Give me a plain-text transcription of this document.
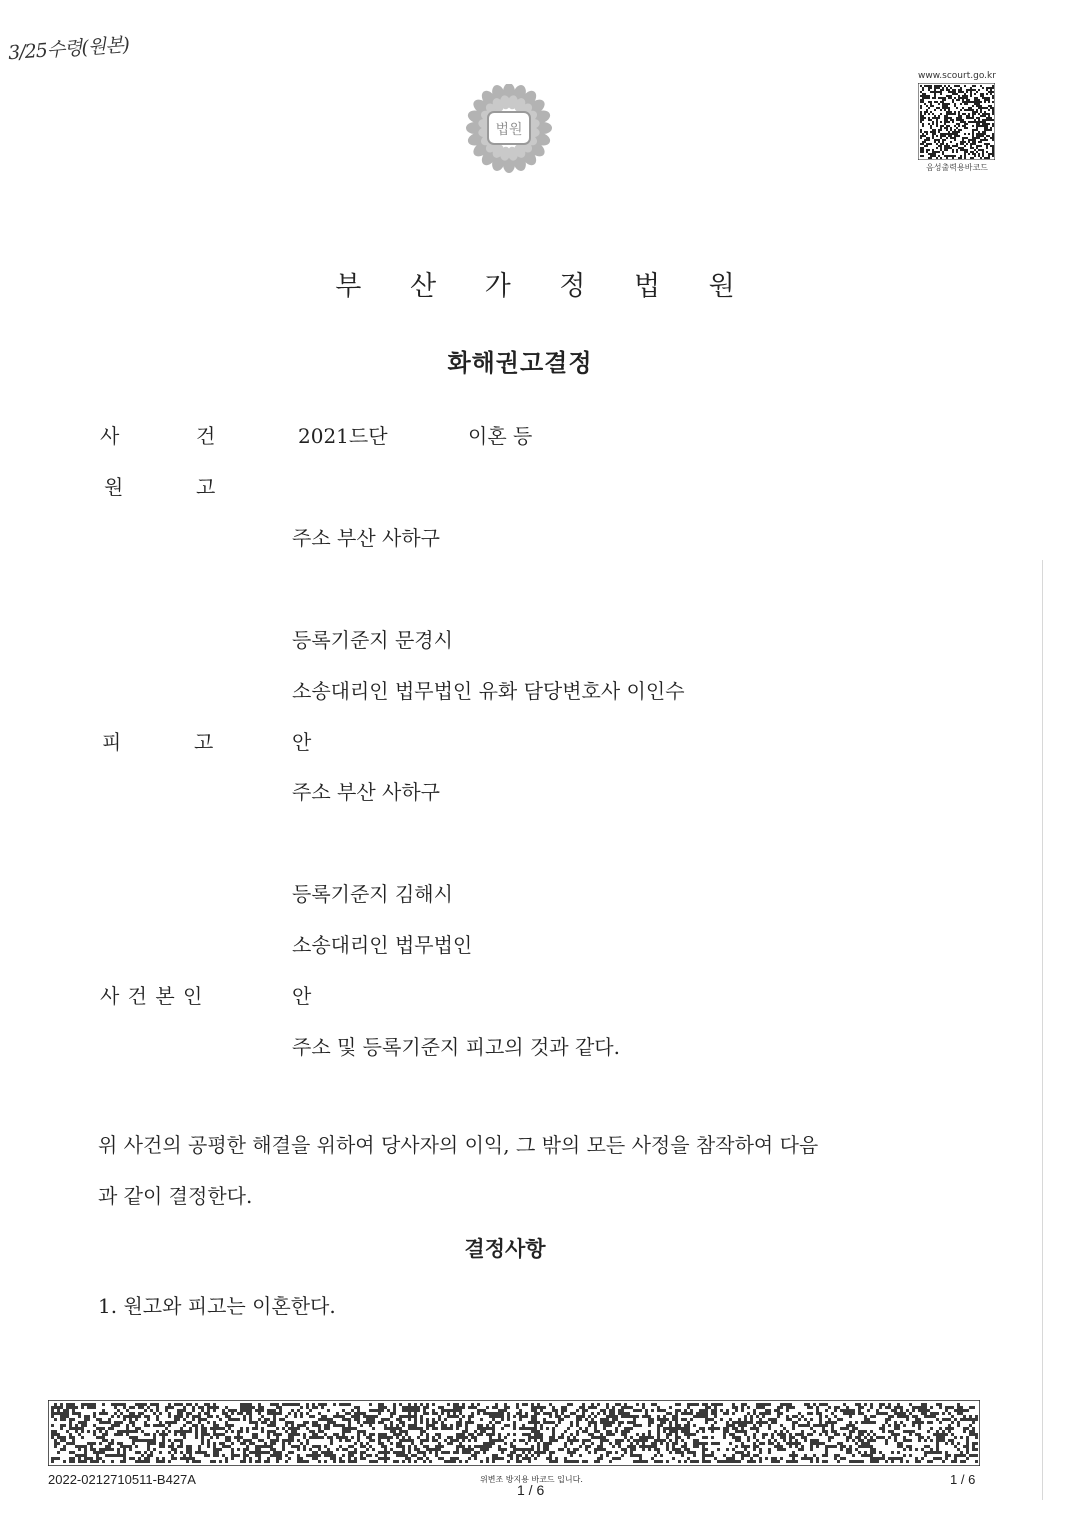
3/25수령(원본)
법원
www.scourt.go.kr
음성출력용바코드
부 산 가 정 법 원
화해권고결정
사	건	2021드단	이혼 등
원	고
주소 부산 사하구
등록기준지 문경시
소송대리인 법무법인 유화 담당변호사 이인수
피	고	안
주소 부산 사하구
등록기준지 김해시
소송대리인 법무법인
사 건 본 인	안
주소 및 등록기준지 피고의 것과 같다.
위 사건의 공평한 해결을 위하여 당사자의 이익, 그 밖의 모든 사정을 참작하여 다음
과 같이 결정한다.
결정사항
1. 원고와 피고는 이혼한다.
2022-0212710511-B427A	위변조 방지용 바코드 입니다.
1 / 6
1 / 6
